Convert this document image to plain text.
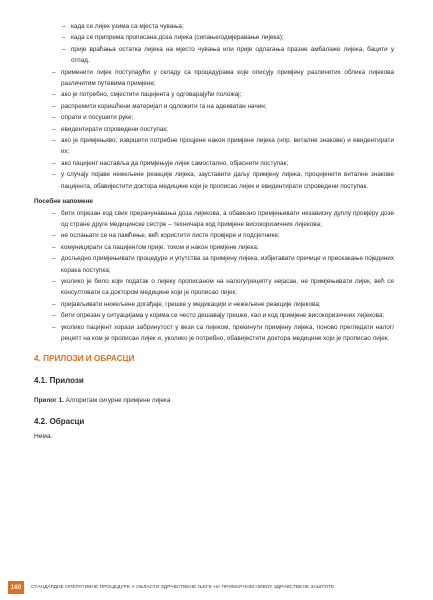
– када се лијек узима са мјеста чувања;
– када се припрема прописана доза лијека (сипање/одмјеравање лијека);
– прије враћања остатка лијека на мјесто чувања или прије одлагања празне амбалаже лијека, бацити у отпад.
– применити лијек поступајући у складу са процедурама које описују примјену различитих облика лијекова различитим путевима примјене;
– ако је потребно, смјестити пацијента у одговарајући положај;
– распремити коришћени материјал и одложити га на адекватан начин;
– опрати и посушити руке;
– евидентирати спроведени поступак;
– ако је примјењиво, извршити потребне процјене након примјене лијека (нпр. виталне знакове) и евидентирати их;
– ако пацијент наставља да примјењује лијек самостално, објаснити поступак;
– у случају појаве нежељене реакције лијека, зауставити даљу примјену лијека, процијенити виталне знакове пацијента, обавијестити доктора медицине који је прописао лијек и евидентирати спроведени поступак.
Посебне напомене
– бити опрезан код свих прерачунавања доза лијекова, а обавезно примјењивати независну дуплу провјеру дозе од стране друге медицинске сестре – техничара код примјене високоризичних лијекова;
– не ослањати се на памћење, већ користити листе провјере и подсјетнике;
– комуницирати са пацијентом прије, током и након примјене лијека;
– досљедно примјењивати процедуре и упутства за примјену лијека, избјегавати пречице и прескакање појединих корака поступка;
– уколико је било који податак о лијеку прописаном на налогу/рецепту нејасан, не примјењивати лијек, већ се консултовати са доктором медицине који је прописао лијек;
– пријављивати нежељене догађаје, грешке у медикацији и нежељене реакције лијекова;
– бити опрезан у ситуацијама у којима се често дешавају грешке, као и код примјене високоризичних лијекова;
– уколико пацијент изрази забринутост у вези са лијеком, прекинути примјену лијека, поново прегледати налог/рецепт на ком је прописан лијек и, уколико је потребно, обавијестити доктора медицине који је прописао лијек.
4. ПРИЛОЗИ И ОБРАСЦИ
4.1. Прилози
Прилог 1. Алгоритам сигурне примјене лијека
4.2. Обрасци
Нема.
160	СТАНДАРДНЕ ОПЕРАТИВНЕ ПРОЦЕДУРЕ У ОБЛАСТИ ЗДРАВСТВЕНЕ ЊЕГЕ НА ПРИМАРНОМ НИВОУ ЗДРАВСТВЕНЕ ЗАШТИТЕ
